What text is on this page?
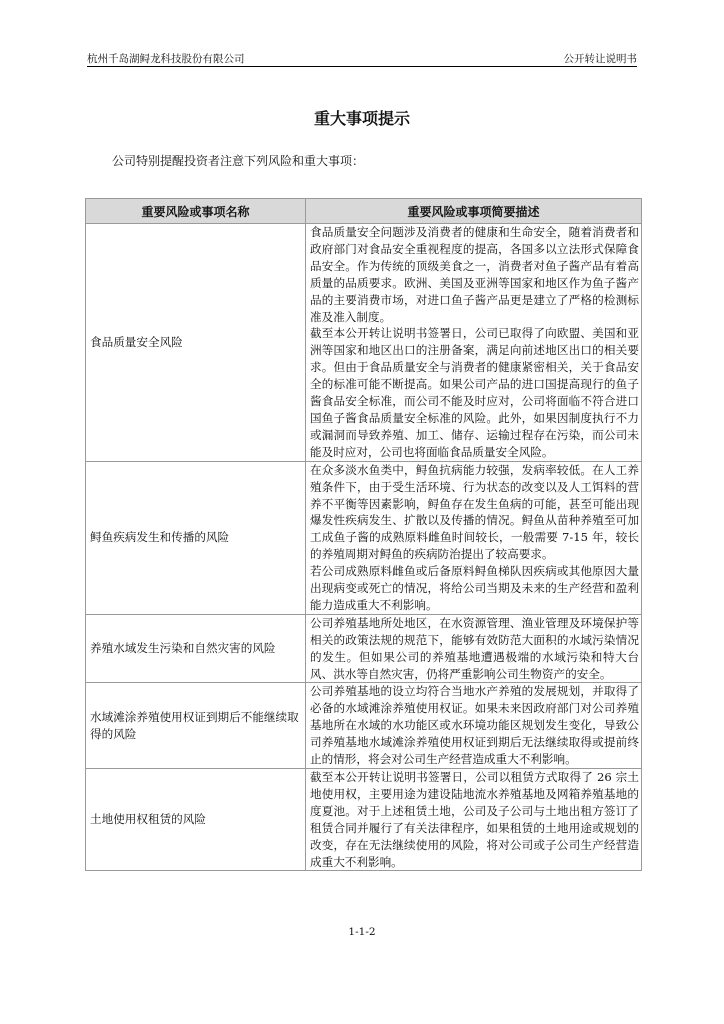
杭州千岛湖鲟龙科技股份有限公司	公开转让说明书
重大事项提示
公司特别提醒投资者注意下列风险和重大事项：
重要风险或事项名称	重要风险或事项简要描述
食品质量安全风险	食品质量安全问题涉及消费者的健康和生命安全，随着消费者和政府部门对食品安全重视程度的提高，各国多以立法形式保障食品安全。作为传统的顶级美食之一，消费者对鱼子酱产品有着高质量的品质要求。欧洲、美国及亚洲等国家和地区作为鱼子酱产品的主要消费市场，对进口鱼子酱产品更是建立了严格的检测标准及准入制度。

截至本公开转让说明书签署日，公司已取得了向欧盟、美国和亚洲等国家和地区出口的注册备案，满足向前述地区出口的相关要求。但由于食品质量安全与消费者的健康紧密相关，关于食品安全的标准可能不断提高。如果公司产品的进口国提高现行的鱼子酱食品安全标准，而公司不能及时应对，公司将面临不符合进口国鱼子酱食品质量安全标准的风险。此外，如果因制度执行不力或漏洞而导致养殖、加工、储存、运输过程存在污染，而公司未能及时应对，公司也将面临食品质量安全风险。

鲟鱼疾病发生和传播的风险	在众多淡水鱼类中，鲟鱼抗病能力较强，发病率较低。在人工养殖条件下，由于受生活环境、行为状态的改变以及人工饵料的营养不平衡等因素影响，鲟鱼存在发生鱼病的可能，甚至可能出现爆发性疾病发生、扩散以及传播的情况。鲟鱼从苗种养殖至可加工成鱼子酱的成熟原料雌鱼时间较长，一般需要 7-15 年，较长的养殖周期对鲟鱼的疾病防治提出了较高要求。

若公司成熟原料雌鱼或后备原料鲟鱼梯队因疾病或其他原因大量出现病变或死亡的情况，将给公司当期及未来的生产经营和盈利能力造成重大不利影响。

养殖水域发生污染和自然灾害的风险	公司养殖基地所处地区，在水资源管理、渔业管理及环境保护等相关的政策法规的规范下，能够有效防范大面积的水域污染情况的发生。但如果公司的养殖基地遭遇极端的水域污染和特大台风、洪水等自然灾害，仍将严重影响公司生物资产的安全。

水域滩涂养殖使用权证到期后不能继续取得的风险	公司养殖基地的设立均符合当地水产养殖的发展规划，并取得了必备的水域滩涂养殖使用权证。如果未来因政府部门对公司养殖基地所在水域的水功能区或水环境功能区规划发生变化，导致公司养殖基地水域滩涂养殖使用权证到期后无法继续取得或提前终止的情形，将会对公司生产经营造成重大不利影响。

土地使用权租赁的风险	截至本公开转让说明书签署日，公司以租赁方式取得了 26 宗土地使用权，主要用途为建设陆地流水养殖基地及网箱养殖基地的度夏池。对于上述租赁土地，公司及子公司与土地出租方签订了租赁合同并履行了有关法律程序，如果租赁的土地用途或规划的改变，存在无法继续使用的风险，将对公司或子公司生产经营造成重大不利影响。

1-1-2
